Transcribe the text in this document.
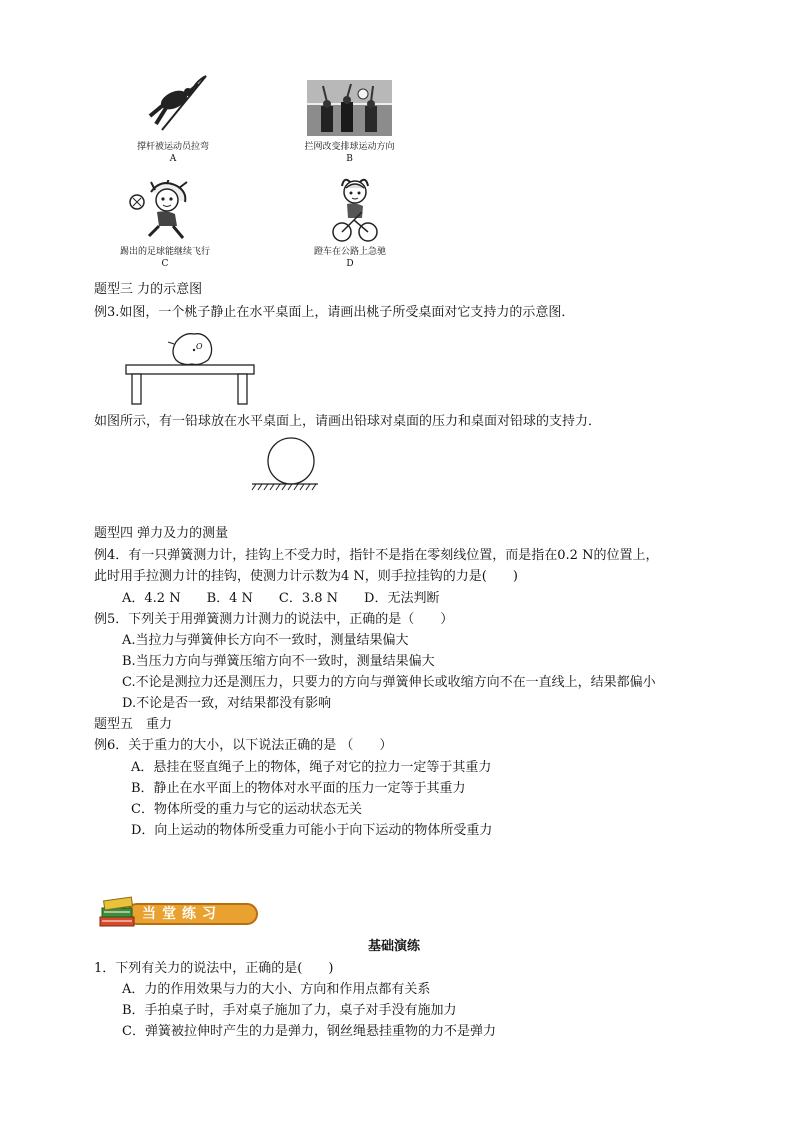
撑杆被运动员拉弯
A
拦网改变排球运动方向
B
踢出的足球能继续飞行
C
蹬车在公路上急驰
D
题型三 力的示意图
例3.如图，一个桃子静止在水平桌面上，请画出桃子所受桌面对它支持力的示意图．
O
如图所示，有一铅球放在水平桌面上，请画出铅球对桌面的压力和桌面对铅球的支持力．
题型四 弹力及力的测量
例4．有一只弹簧测力计，挂钩上不受力时，指针不是指在零刻线位置，而是指在0.2 N的位置上，
此时用手拉测力计的挂钩，使测力计示数为4 N，则手拉挂钩的力是(　　)
A．4.2 N　　B．4 N　　C．3.8 N　　D．无法判断
例5．下列关于用弹簧测力计测力的说法中，正确的是（　　）
A.当拉力与弹簧伸长方向不一致时，测量结果偏大
B.当压力方向与弹簧压缩方向不一致时，测量结果偏大
C.不论是测拉力还是测压力，只要力的方向与弹簧伸长或收缩方向不在一直线上，结果都偏小
D.不论是否一致，对结果都没有影响
题型五　重力
例6．关于重力的大小，以下说法正确的是 （　　）
A．悬挂在竖直绳子上的物体，绳子对它的拉力一定等于其重力
B．静止在水平面上的物体对水平面的压力一定等于其重力
C．物体所受的重力与它的运动状态无关
D．向上运动的物体所受重力可能小于向下运动的物体所受重力
当堂练习
基础演练
1．下列有关力的说法中，正确的是(　　)
A．力的作用效果与力的大小、方向和作用点都有关系
B．手拍桌子时，手对桌子施加了力，桌子对手没有施加力
C．弹簧被拉伸时产生的力是弹力，钢丝绳悬挂重物的力不是弹力
